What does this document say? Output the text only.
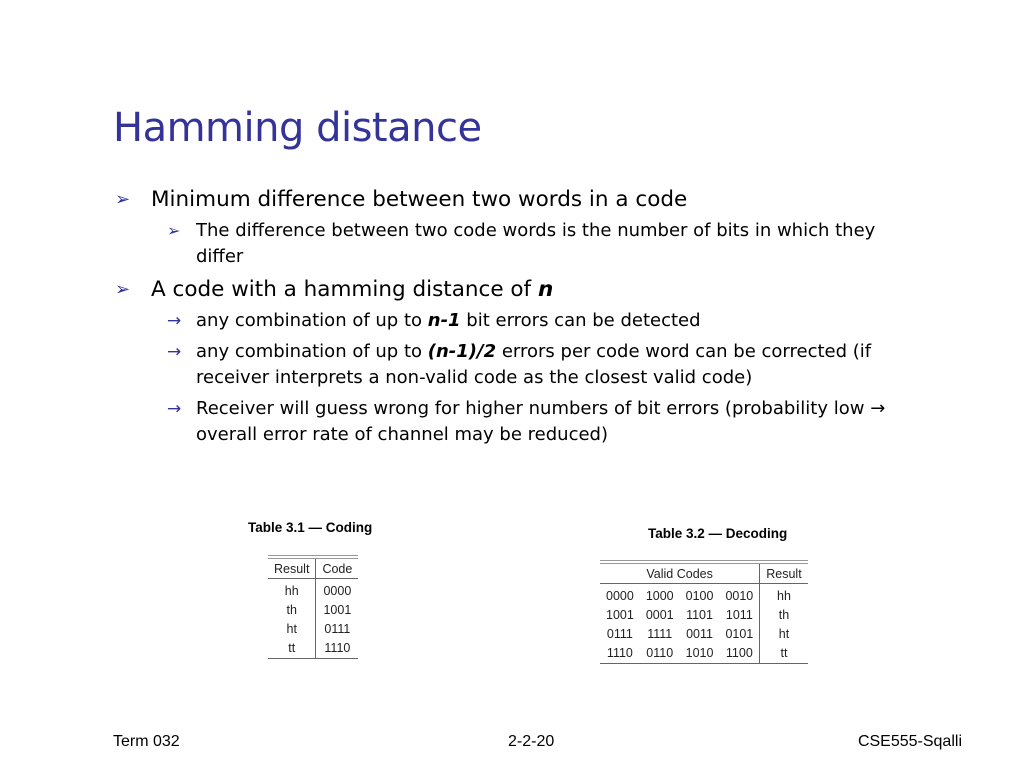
Hamming distance
➢ Minimum difference between two words in a code
➢ The difference between two code words is the number of bits in which they differ
➢ A code with a hamming distance of n
→ any combination of up to n-1 bit errors can be detected
→ any combination of up to (n-1)/2 errors per code word can be corrected (if receiver interprets a non-valid code as the closest valid code)
→ Receiver will guess wrong for higher numbers of bit errors (probability low → overall error rate of channel may be reduced)
Table 3.1 — Coding
Result	Code
hh	0000
th	1001
ht	0111
tt	1110
Table 3.2 — Decoding
Valid Codes				Result
0000	1000	0100	0010	hh
1001	0001	1101	1011	th
0111	1111	0011	0101	ht
1110	0110	1010	1100	tt
Term 032	2-2-20	CSE555-Sqalli
